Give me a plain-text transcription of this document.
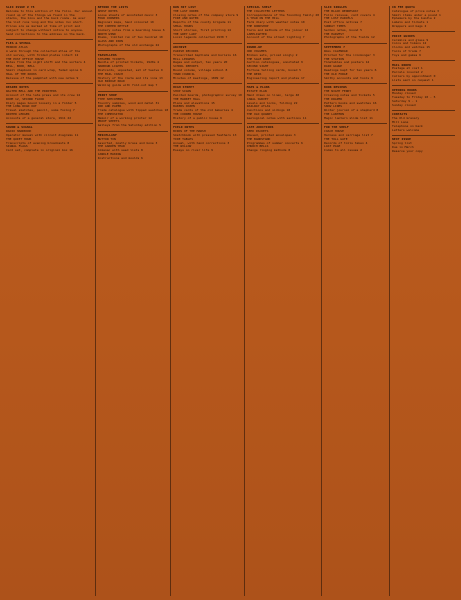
SLIX ISSUE # 78
Welcome to this edition of the folio. Our annual
round up of the things we found in the
stacks, the bins and the back rooms. As ever
the list runs long and the notes run short.
Prices are as marked at time of print and
subject to change without notice to anyone.
Send corrections to the address on the back.
FLEA & SPINAL
MIRROR ATLAS
A walk through the collected atlas of the
old survey, with folded plates intact 12
THE POST OFFICE HOUSE
Notes from the night shift and the sorters 4
BELL, BOOK, BELL
Small chapbook in card wrap, faded spine 6
HALL OF THE ROOKS
Reissue of the pamphlet with new notes 9
READER NOTES
WALTER BELL AND THE PRINTERS
Account of the late press and its crew 14
ROOM 12, SECOND FLOOR
Diary pages bound loosely in a folder 5
THE LONG ROAD OUT
Travel sketches, pencil, some foxing 7
WINTER LEDGER
Accounts of a general store, 1911 22
SOUND & SIGNAL
RADIO HANDBOOK
Operator manual with circuit diagrams 11
THE QUIET HOUR
Transcripts of evening broadcasts 8
SIGNAL FLAGS
Card set, complete in original box 16
BEYOND THE LISTS
GHOST NOTES
Loose sheets of annotated music 3
FOUR CORNERS
Regional maps, hand coloured 19
THE COPPER KETTLE
Cookery notes from a boarding house 6
NORTH WIND
Poems, limited run of two hundred 10
GLASS AND IRON
Photographs of the old exchange 24
TRAVELLERS
STEAMER TICKETS
Bundle of printed tickets, 1920s 4
HARBOUR LIGHTS
Postcards, unposted, set of twelve 9
THE MAIL COACH
History of the route and its inns 13
OLD BRIDGE ROAD
Walking guide with fold-out map 7
PRINT SHOP
TYPE SPECIMENS
Foundry samples, wood and metal 31
INK AND PAPER
Trade catalogue with tipped swatches 18
THE COMPOSITOR
Memoir of a working printer 12
PROOF SHEETS
Galleys from the Saturday edition 5
MISCELLANY
BUTTON TIN
Assorted, mostly brass and bone 3
THE GARDEN YEAR
Almanac with seed lists 8
CANDLE MAKING
Instructions and moulds 6
RUN HIT LIST
THE LAST ORDER
Closing notes of the company store 9
FIRE AND WATER
Reports of the county brigade 11
SMALL HOURS
Short stories, first printing 14
THE GREY LADY
Local legends collected 1930 7
ARCHIVE
PARISH RECORDS
Transcribed baptisms and burials 16
MILL LEDGERS
Wages and output, ten years 20
SCHOOL REPORTS
Bound volume, village school 8
TOWN COUNCIL
Minutes of meetings, 1899 12
HIGH STREET
SHOP SIGNS
Painted boards, photographic survey 10
THE MARKET HALL
Plans and elevations 15
BAKERS DOZEN
Trade cards of the old bakeries 4
THE CORNER HOUSE
History of a public house 6
FIELD NOTES
BIRDS OF THE MARSH
Sketchbook with pressed feathers 13
TIDE TABLES
Annual, with hand corrections 3
THE WILLOW
Essays on river life 9
SPECIAL SHELF
THE COLLECTED LETTERS
Correspondence of the founding family 28
A YEAR ON THE HILL
Farm diary with weather notes 10
THE WORKSHOP
Tools and methods of the joiner 12
LAMPLIGHTER
Account of the street lighting 7
ROUND-UP
ODD VOLUMES
Broken sets, priced singly 2
THE SALE ROOM
Auction catalogues, annotated 9
SECOND SIGHT
Fortune telling cards, boxed 5
THE WEIR
Engineering report and plates 17
MAPS & PLANS
ESTATE PLAN
Hand drawn on linen, large 40
CANAL SURVEY
Levels and locks, folding 22
RAILWAY ATLAS
Junctions and sidings 18
THE OLD QUARRY
Geological notes with sections 11
LATE ADDITIONS
SEED PACKETS
Unused, printed envelopes 3
THE BANDSTAND
Programmes of summer concerts 6
CHURCH BELLS
Change ringing methods 8
SLIX SINGLES
THE BLACK WEDNESDAY
Folio reissue, card covers 4
THE LOST PARCELS
Post office notices 7
SUNDAY TIMES
Sermon notes, bound 5
THE HARVEST
Photographs of the fields 12
SEPTEMBER 7
WALL CALENDAR
Printed for the ironmonger 3
THE STATION
Timetables and posters 14
RAIN GAUGE
Readings kept for ten years 6
THE OLD FORGE
Smithy accounts and tools 9
BOOK REVIEWS
THE NIGHT FERRY
Crossing notes and tickets 5
THE DRAPER
Pattern books and swatches 16
SNOW LINES
Winter journal of a shepherd 8
THE LANTERN
Magic lantern slide list 11
FOR THE SHELF
COACH HOUSE
Harness and carriage list 7
THE TOLL GATE
Records of tolls taken 4
LAST PAGE
Index to all issues 2
IN FEE QUOTA
Catalogue of price notes 3
Small items under a pound 1
Ephemera by the bundle 2
Labels and tickets 1
Wrappers and bags 2
PRICE GUIDES
Ceramics and glass 9
Coins and tokens 12
Clocks and watches 15
Tools of trade 7
Toys and games 6
MAIL ORDER
Postage at cost 1
Parcels insured 2
Callers by appointment 0
Lists sent on request 1
OPENING HOURS
Monday closed
Tuesday to Friday 10 - 5
Saturday 9 - 1
Sunday closed
CONTACTS
The Old Granary
Mill Lane
Telephone on back
Letters welcome
NEXT ISSUE
Spring list
Due in March
Reserve your copy
